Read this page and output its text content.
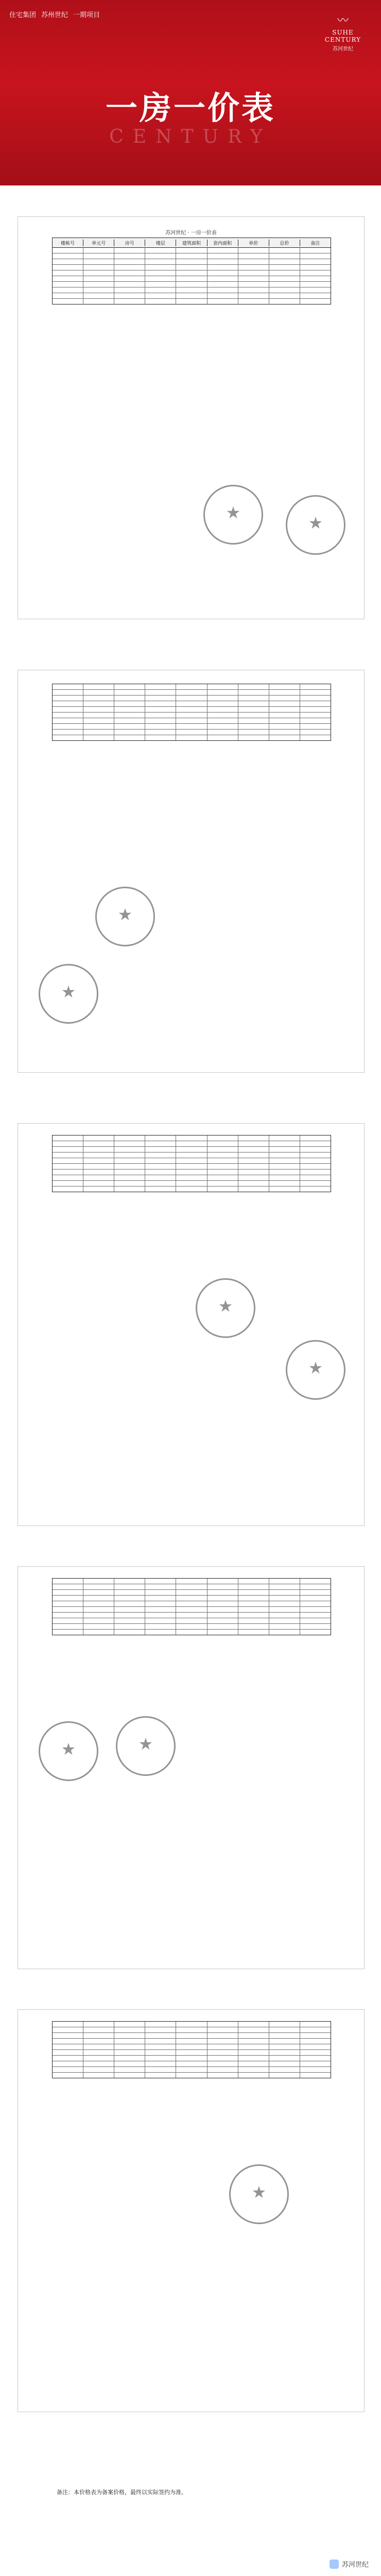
住宅集团 苏州世纪 一期项目	〰
SUHE CENTURY
苏河世纪
一房一价表
CENTURY
苏河世纪 · 一房一价表
楼栋号	单元号	房号	楼层	建筑面积	套内面积	单价	总价	备注
★
★
★
★
★
★
★
★
★
备注：本价格表为备案价格，最终以实际签约为准。
苏河世纪
